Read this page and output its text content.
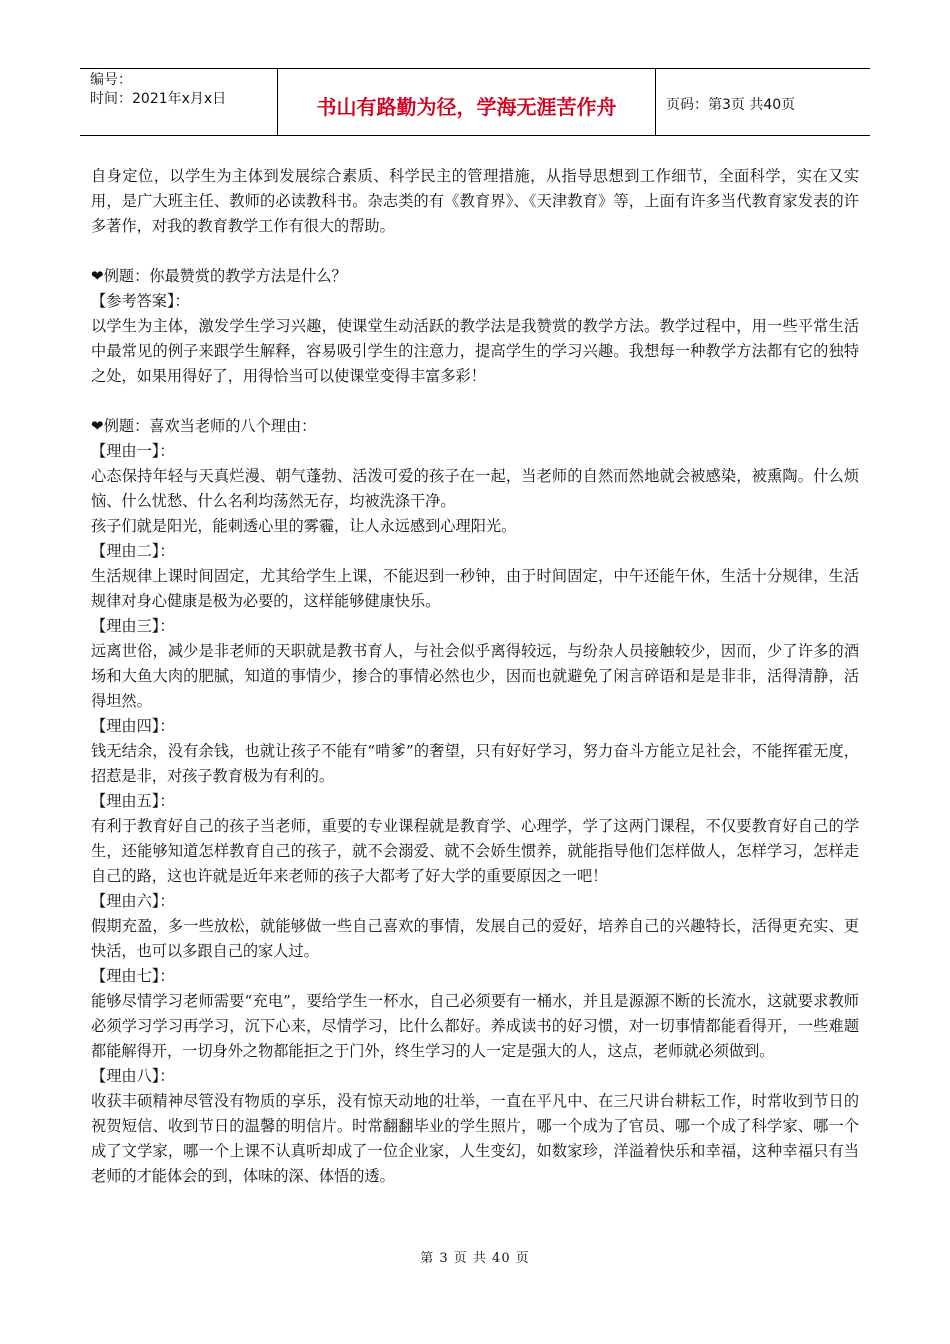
编号：
时间：2021年x月x日	书山有路勤为径，学海无涯苦作舟	页码：第3页 共40页

自身定位，以学生为主体到发展综合素质、科学民主的管理措施，从指导思想到工作细节，全面科学，实在又实用，是广大班主任、教师的必读教科书。杂志类的有《教育界》、《天津教育》等，上面有许多当代教育家发表的许多著作，对我的教育教学工作有很大的帮助。

❤例题：你最赞赏的教学方法是什么？

【参考答案】：

以学生为主体，激发学生学习兴趣，使课堂生动活跃的教学法是我赞赏的教学方法。教学过程中，用一些平常生活中最常见的例子来跟学生解释，容易吸引学生的注意力，提高学生的学习兴趣。我想每一种教学方法都有它的独特之处，如果用得好了，用得恰当可以使课堂变得丰富多彩！

❤例题：喜欢当老师的八个理由：

【理由一】：

心态保持年轻与天真烂漫、朝气蓬勃、活泼可爱的孩子在一起，当老师的自然而然地就会被感染，被熏陶。什么烦恼、什么忧愁、什么名利均荡然无存，均被洗涤干净。

孩子们就是阳光，能刺透心里的雾霾，让人永远感到心理阳光。

【理由二】：

生活规律上课时间固定，尤其给学生上课，不能迟到一秒钟，由于时间固定，中午还能午休，生活十分规律，生活规律对身心健康是极为必要的，这样能够健康快乐。

【理由三】：

远离世俗，减少是非老师的天职就是教书育人，与社会似乎离得较远，与纷杂人员接触较少，因而，少了许多的酒场和大鱼大肉的肥腻，知道的事情少，掺合的事情必然也少，因而也就避免了闲言碎语和是是非非，活得清静，活得坦然。

【理由四】：

钱无结余，没有余钱，也就让孩子不能有“啃爹”的奢望，只有好好学习，努力奋斗方能立足社会，不能挥霍无度，招惹是非，对孩子教育极为有利的。

【理由五】：

有利于教育好自己的孩子当老师，重要的专业课程就是教育学、心理学，学了这两门课程，不仅要教育好自己的学生，还能够知道怎样教育自己的孩子，就不会溺爱、就不会娇生惯养，就能指导他们怎样做人，怎样学习，怎样走自己的路，这也许就是近年来老师的孩子大都考了好大学的重要原因之一吧！

【理由六】：

假期充盈，多一些放松，就能够做一些自己喜欢的事情，发展自己的爱好，培养自己的兴趣特长，活得更充实、更快活，也可以多跟自己的家人过。

【理由七】：

能够尽情学习老师需要“充电”，要给学生一杯水，自己必须要有一桶水，并且是源源不断的长流水，这就要求教师必须学习学习再学习，沉下心来，尽情学习，比什么都好。养成读书的好习惯，对一切事情都能看得开，一些难题都能解得开，一切身外之物都能拒之于门外，终生学习的人一定是强大的人，这点，老师就必须做到。

【理由八】：

收获丰硕精神尽管没有物质的享乐，没有惊天动地的壮举，一直在平凡中、在三尺讲台耕耘工作，时常收到节日的祝贺短信、收到节日的温馨的明信片。时常翻翻毕业的学生照片，哪一个成为了官员、哪一个成了科学家、哪一个成了文学家，哪一个上课不认真听却成了一位企业家，人生变幻，如数家珍，洋溢着快乐和幸福，这种幸福只有当老师的才能体会的到，体味的深、体悟的透。

第 3 页 共 40 页
